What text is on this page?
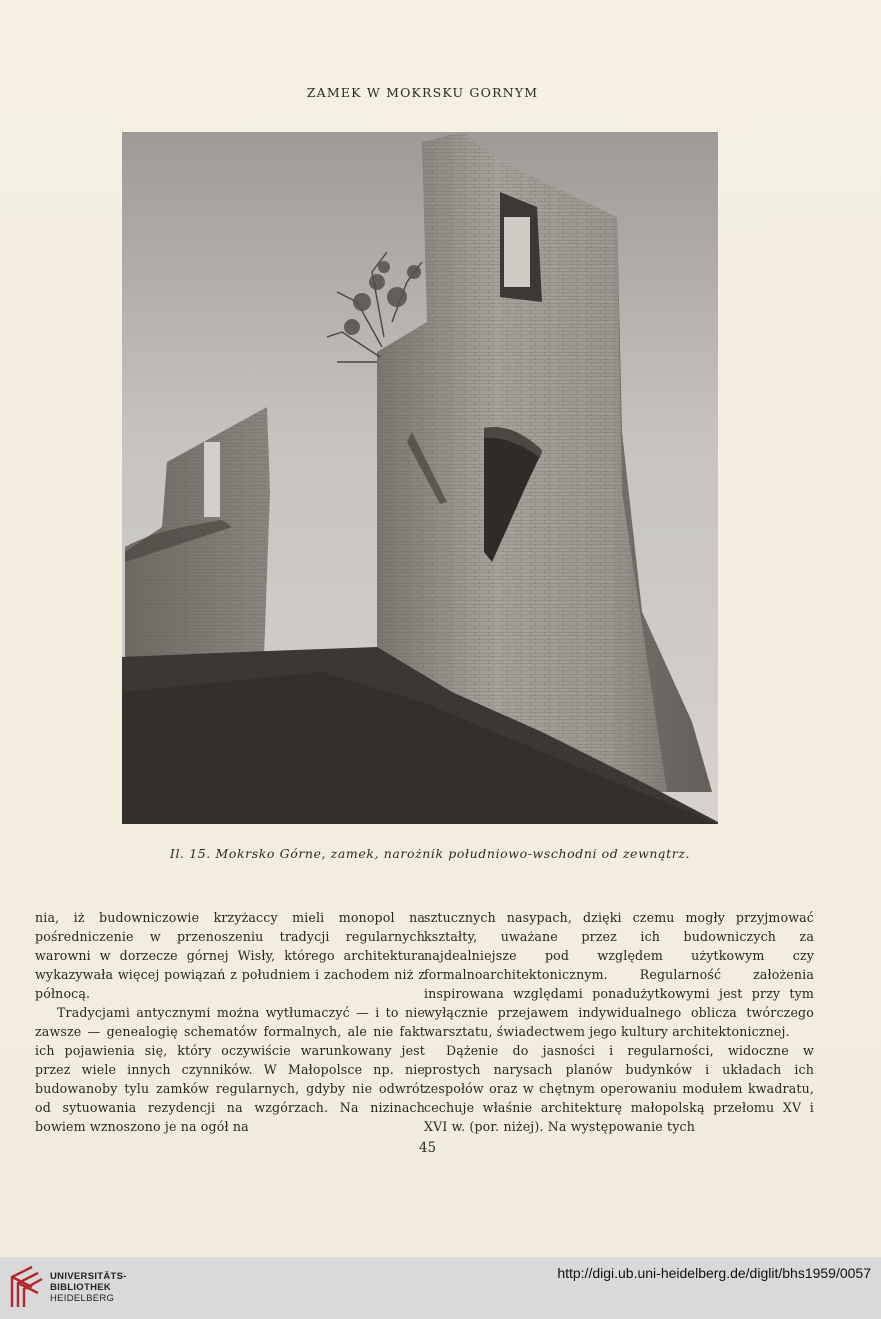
ZAMEK W MOKRSKU GORNYM
Il. 15. Mokrsko Górne, zamek, narożnik południowo-wschodni od zewnątrz.

nia, iż budowniczowie krzyżaccy mieli monopol na pośredniczenie w przenoszeniu tradycji regularnych warowni w dorzecze górnej Wisły, którego architektura wykazywała więcej powiązań z południem i zachodem niż z północą.

Tradycjami antycznymi można wytłumaczyć — i to nie zawsze — genealogię schematów formalnych, ale nie fakt ich pojawienia się, który oczywiście warunkowany jest przez wiele innych czynników. W Małopolsce np. nie budowanoby tylu zamków regularnych, gdyby nie odwrót od sytuowania rezydencji na wzgórzach. Na nizinach bowiem wznoszono je na ogół na

sztucznych nasypach, dzięki czemu mogły przyjmować kształty, uważane przez ich budowniczych za najdealniejsze pod względem użytkowym czy formalnoarchitektonicznym. Regularność założenia inspirowana względami ponadużytkowymi jest przy tym wyłącznie przejawem indywidualnego oblicza twórczego warsztatu, świadectwem jego kultury architektonicznej.

Dążenie do jasności i regularności, widoczne w prostych narysach planów budynków i układach ich zespołów oraz w chętnym operowaniu modułem kwadratu, cechuje właśnie architekturę małopolską przełomu XV i XVI w. (por. niżej). Na występowanie tych

45
UNIVERSITÄTS-
BIBLIOTHEK
HEIDELBERG
http://digi.ub.uni-heidelberg.de/diglit/bhs1959/0057
